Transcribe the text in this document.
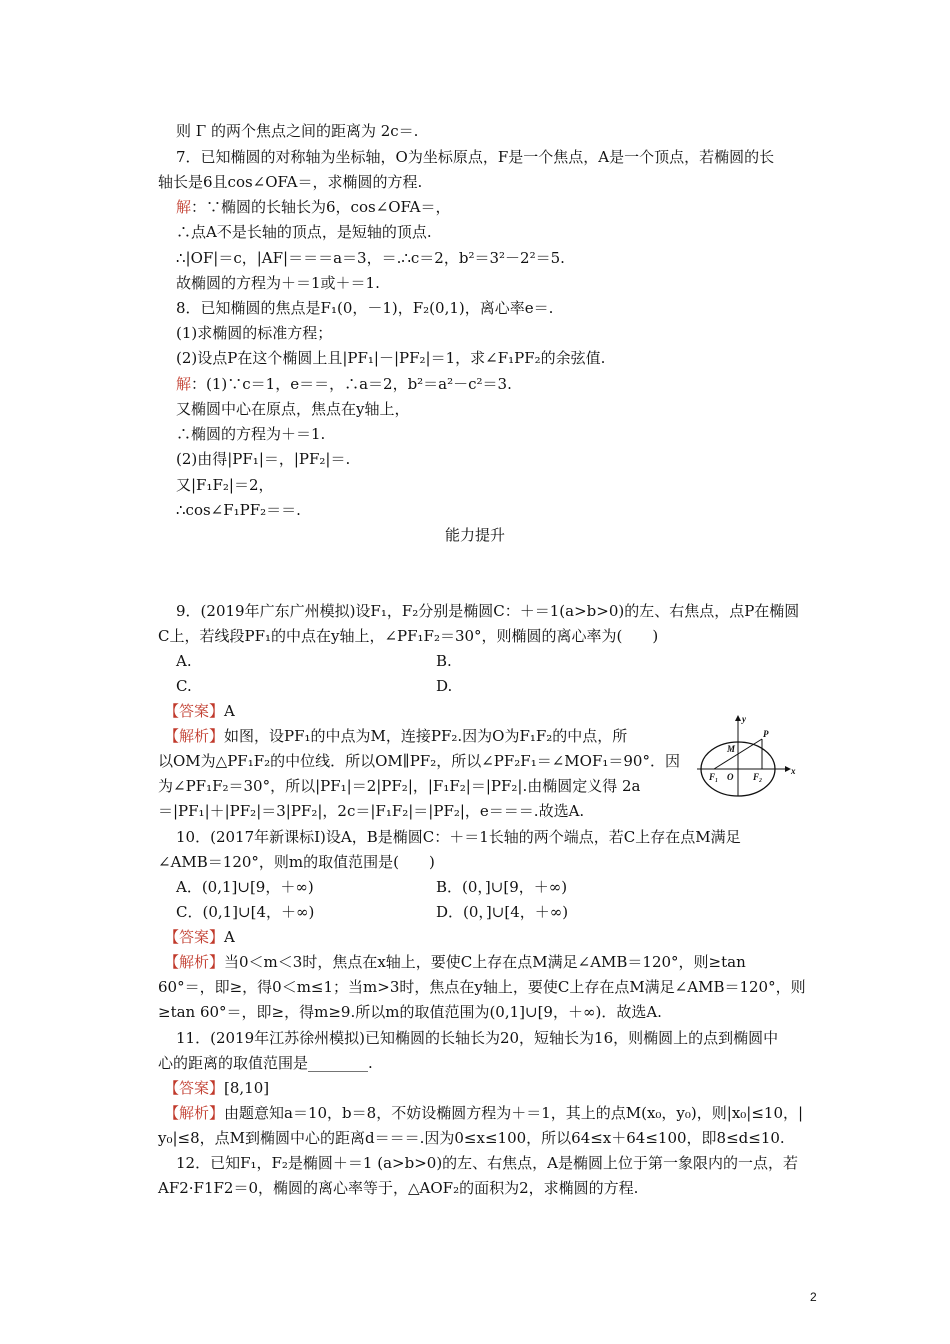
则 Γ 的两个焦点之间的距离为 2c＝.
7．已知椭圆的对称轴为坐标轴，O为坐标原点，F是一个焦点，A是一个顶点，若椭圆的长
轴长是6且cos∠OFA＝，求椭圆的方程.
解：∵椭圆的长轴长为6，cos∠OFA＝，
∴点A不是长轴的顶点，是短轴的顶点.
∴|OF|＝c，|AF|＝＝＝a＝3，＝.∴c＝2，b²＝3²－2²＝5.
故椭圆的方程为＋＝1或＋＝1.
8．已知椭圆的焦点是F₁(0，－1)，F₂(0,1)，离心率e＝.
(1)求椭圆的标准方程；
(2)设点P在这个椭圆上且|PF₁|－|PF₂|＝1，求∠F₁PF₂的余弦值.
解：(1)∵c＝1，e＝＝，∴a＝2，b²＝a²－c²＝3.
又椭圆中心在原点，焦点在y轴上，
∴椭圆的方程为＋＝1.
(2)由得|PF₁|＝，|PF₂|＝.
又|F₁F₂|＝2，
∴cos∠F₁PF₂＝＝.
能力提升
9．(2019年广东广州模拟)设F₁，F₂分别是椭圆C：＋＝1(a>b>0)的左、右焦点，点P在椭圆
C上，若线段PF₁的中点在y轴上，∠PF₁F₂＝30°，则椭圆的离心率为(　　)
A.	B.
C.	D.
【答案】A
【解析】如图，设PF₁的中点为M，连接PF₂.因为O为F₁F₂的中点，所
以OM为△PF₁F₂的中位线．所以OM∥PF₂，所以∠PF₂F₁＝∠MOF₁＝90°．因
为∠PF₁F₂＝30°，所以|PF₁|＝2|PF₂|，|F₁F₂|＝|PF₂|.由椭圆定义得 2a
＝|PF₁|＋|PF₂|＝3|PF₂|，2c＝|F₁F₂|＝|PF₂|，e＝＝＝.故选A.
y
x
P
M
F₁ O F₂
10．(2017年新课标Ⅰ)设A，B是椭圆C：＋＝1长轴的两个端点，若C上存在点M满足
∠AMB＝120°，则m的取值范围是(　　)
A．(0,1]∪[9，＋∞)	B．(0，]∪[9，＋∞)
C．(0,1]∪[4，＋∞)	D．(0，]∪[4，＋∞)
【答案】A
【解析】当0＜m＜3时，焦点在x轴上，要使C上存在点M满足∠AMB＝120°，则≥tan
60°＝，即≥，得0＜m≤1；当m>3时，焦点在y轴上，要使C上存在点M满足∠AMB＝120°，则
≥tan 60°＝，即≥，得m≥9.所以m的取值范围为(0,1]∪[9，＋∞)．故选A.
11．(2019年江苏徐州模拟)已知椭圆的长轴长为20，短轴长为16，则椭圆上的点到椭圆中
心的距离的取值范围是________.
【答案】[8,10]
【解析】由题意知a＝10，b＝8，不妨设椭圆方程为＋＝1，其上的点M(x₀，y₀)，则|x₀|≤10，|
y₀|≤8，点M到椭圆中心的距离d＝＝＝.因为0≤x≤100，所以64≤x＋64≤100，即8≤d≤10.
12．已知F₁，F₂是椭圆＋＝1 (a>b>0)的左、右焦点，A是椭圆上位于第一象限内的一点，若
AF2·F1F2＝0，椭圆的离心率等于，△AOF₂的面积为2，求椭圆的方程.
2
